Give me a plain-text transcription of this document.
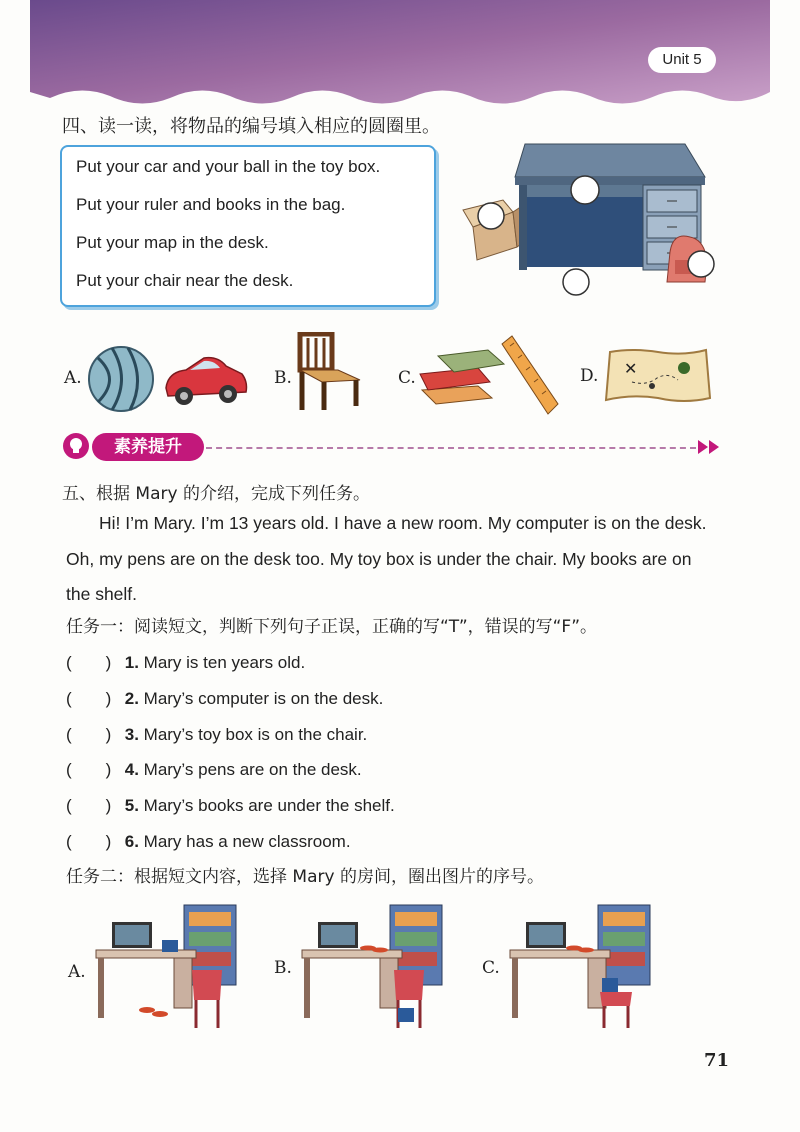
Unit 5
四、读一读，将物品的编号填入相应的圆圈里。
Put your car and your ball in the toy box.
Put your ruler and books in the bag.
Put your map in the desk.
Put your chair near the desk.
A.	B.	C.	D. ✕
素养提升
五、根据 Mary 的介绍，完成下列任务。
Hi! I’m Mary. I’m 13 years old. I have a new room. My computer is on the desk. Oh, my pens are on the desk too. My toy box is under the chair. My books are on the shelf.
任务一：阅读短文，判断下列句子正误，正确的写“T”，错误的写“F”。
(　　) 1. Mary is ten years old.
(　　) 2. Mary’s computer is on the desk.
(　　) 3. Mary’s toy box is on the chair.
(　　) 4. Mary’s pens are on the desk.
(　　) 5. Mary’s books are under the shelf.
(　　) 6. Mary has a new classroom.
任务二：根据短文内容，选择 Mary 的房间，圈出图片的序号。
A.	B.	C.
71
